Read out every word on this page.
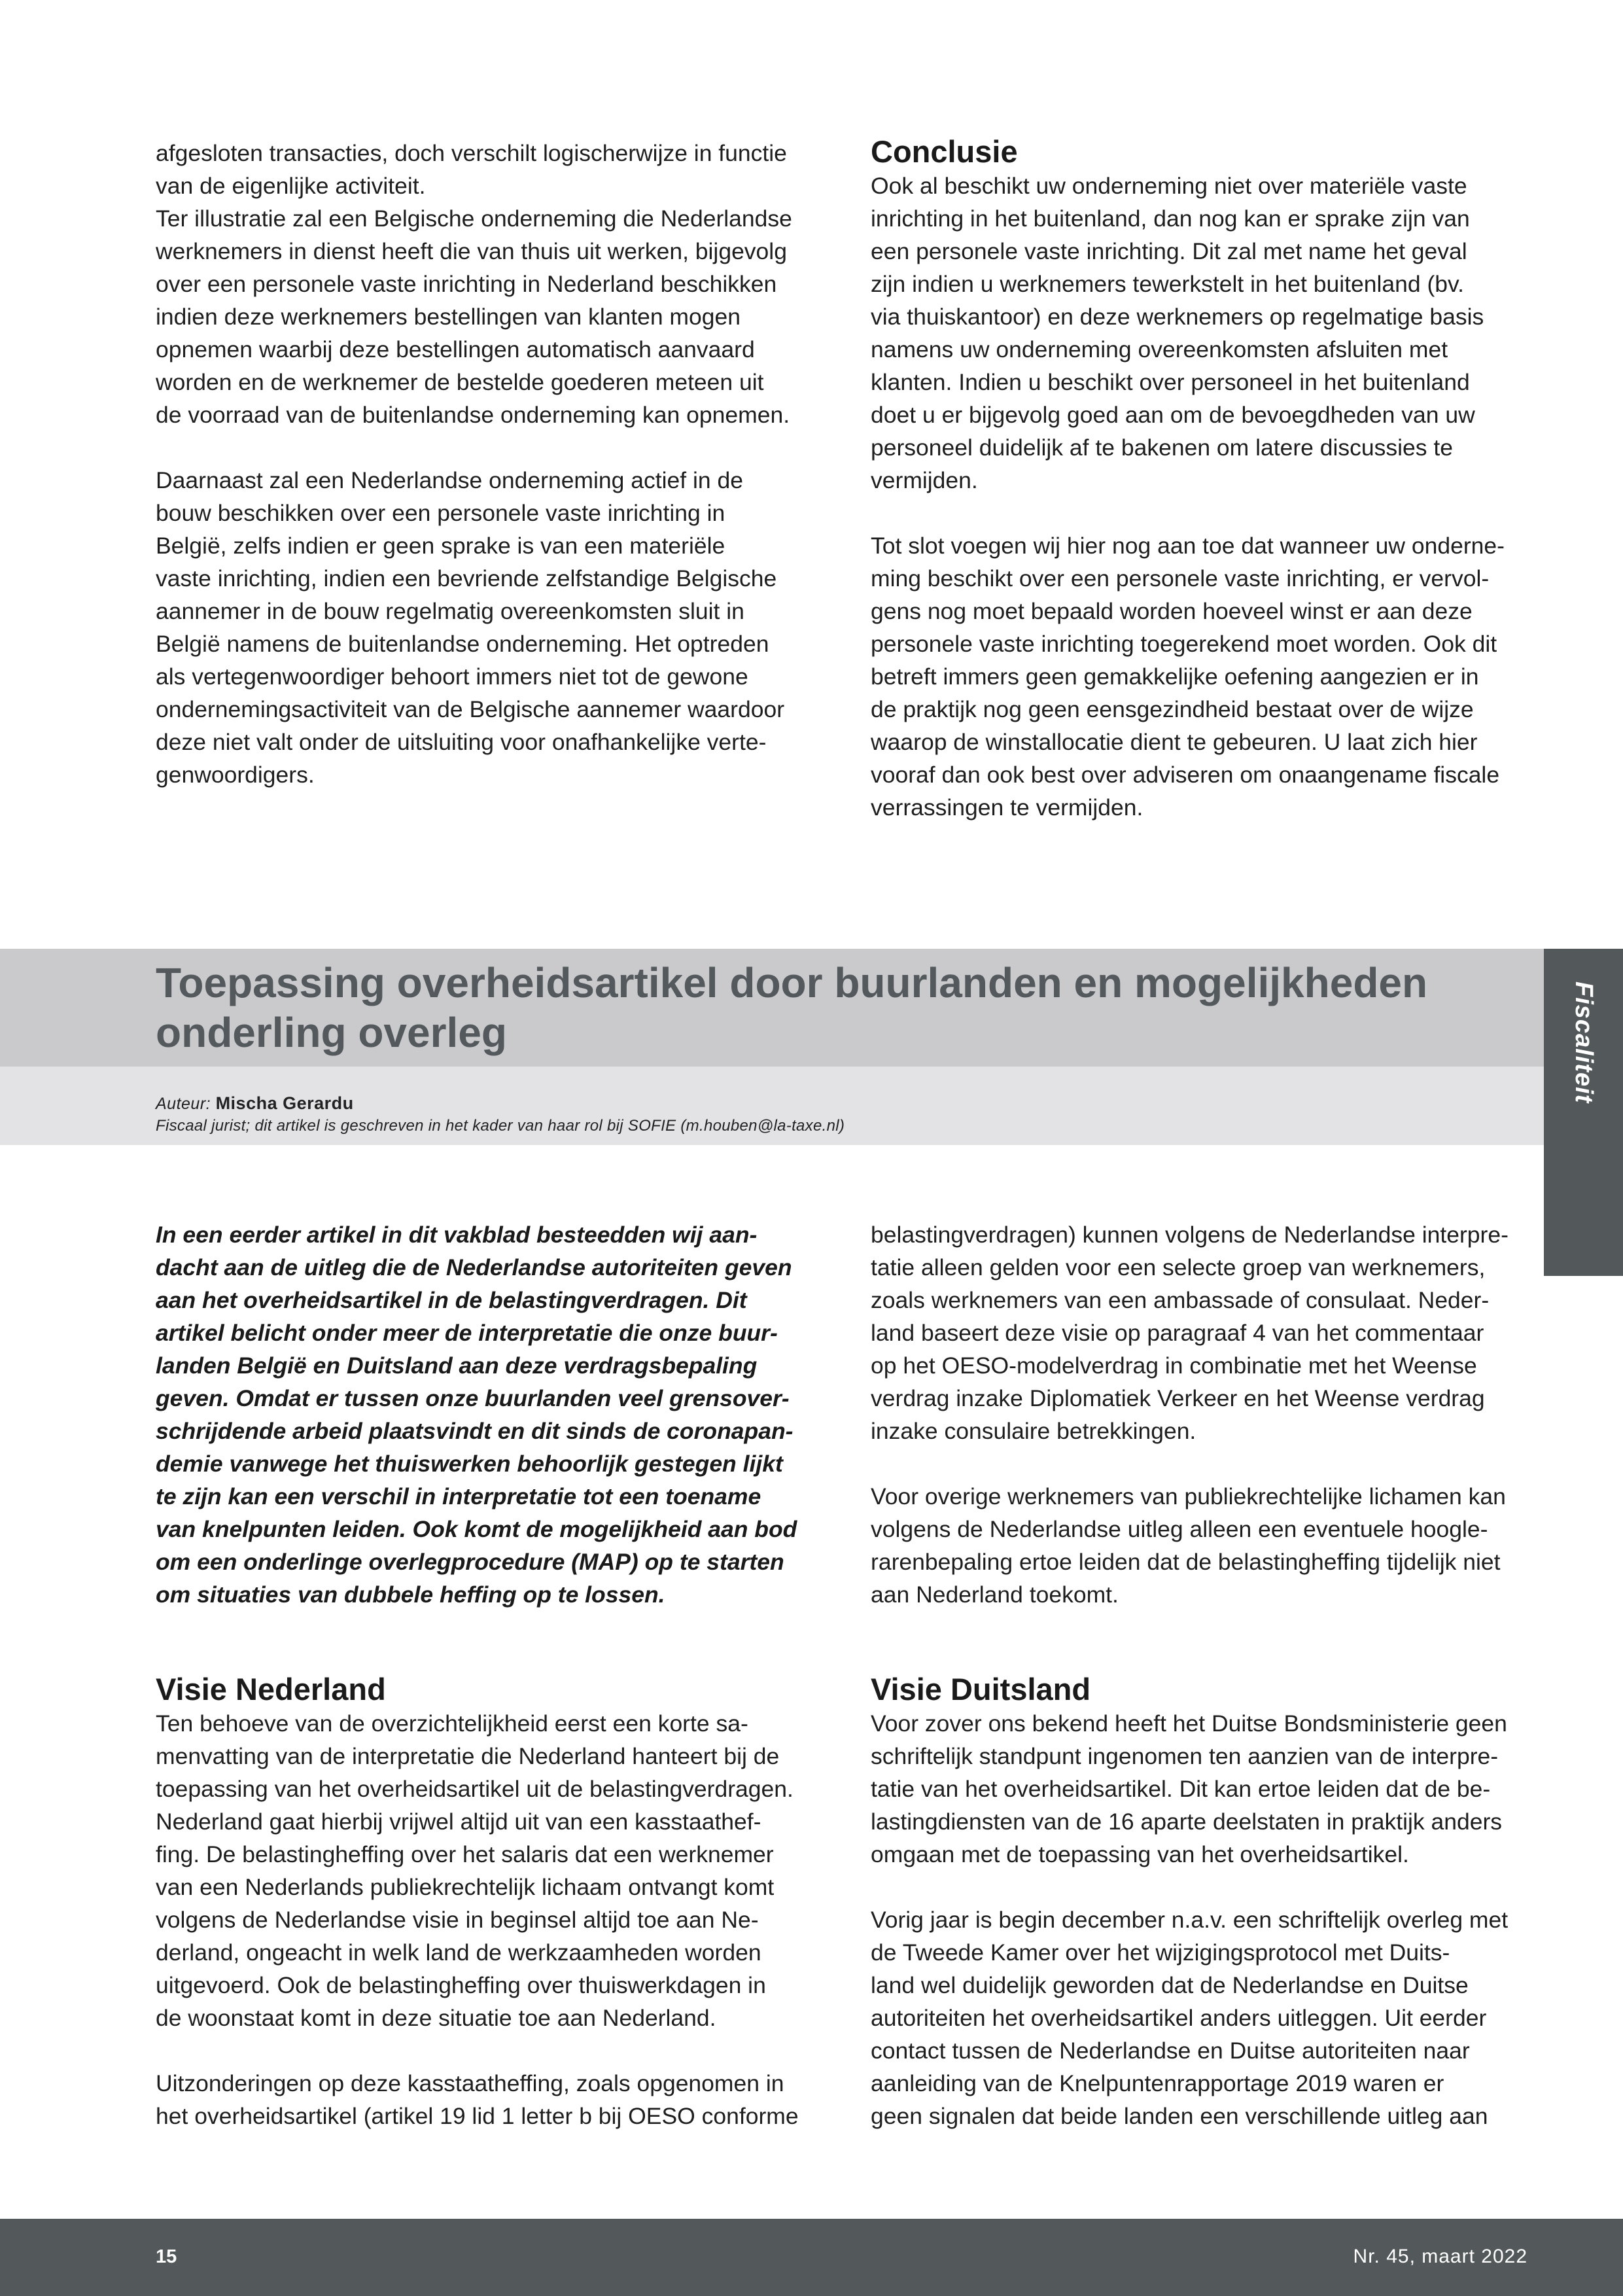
afgesloten transacties, doch verschilt logischerwijze in functie
van de eigenlijke activiteit.
Ter illustratie zal een Belgische onderneming die Nederlandse
werknemers in dienst heeft die van thuis uit werken, bijgevolg
over een personele vaste inrichting in Nederland beschikken
indien deze werknemers bestellingen van klanten mogen
opnemen waarbij deze bestellingen automatisch aanvaard
worden en de werknemer de bestelde goederen meteen uit
de voorraad van de buitenlandse onderneming kan opnemen.

Daarnaast zal een Nederlandse onderneming actief in de
bouw beschikken over een personele vaste inrichting in
België, zelfs indien er geen sprake is van een materiële
vaste inrichting, indien een bevriende zelfstandige Belgische
aannemer in de bouw regelmatig overeenkomsten sluit in
België namens de buitenlandse onderneming. Het optreden
als vertegenwoordiger behoort immers niet tot de gewone
ondernemingsactiviteit van de Belgische aannemer waardoor
deze niet valt onder de uitsluiting voor onafhankelijke verte-
genwoordigers.

Conclusie

Ook al beschikt uw onderneming niet over materiële vaste
inrichting in het buitenland, dan nog kan er sprake zijn van
een personele vaste inrichting. Dit zal met name het geval
zijn indien u werknemers tewerkstelt in het buitenland (bv.
via thuiskantoor) en deze werknemers op regelmatige basis
namens uw onderneming overeenkomsten afsluiten met
klanten. Indien u beschikt over personeel in het buitenland
doet u er bijgevolg goed aan om de bevoegdheden van uw
personeel duidelijk af te bakenen om latere discussies te
vermijden.

Tot slot voegen wij hier nog aan toe dat wanneer uw onderne-
ming beschikt over een personele vaste inrichting, er vervol-
gens nog moet bepaald worden hoeveel winst er aan deze
personele vaste inrichting toegerekend moet worden. Ook dit
betreft immers geen gemakkelijke oefening aangezien er in
de praktijk nog geen eensgezindheid bestaat over de wijze
waarop de winstallocatie dient te gebeuren. U laat zich hier
vooraf dan ook best over adviseren om onaangename fiscale
verrassingen te vermijden.

Toepassing overheidsartikel door buurlanden en mogelijkheden onderling overleg

Auteur: Mischa Gerardu

Fiscaal jurist; dit artikel is geschreven in het kader van haar rol bij SOFIE (m.houben@la-taxe.nl)

Fiscaliteit

In een eerder artikel in dit vakblad besteedden wij aan-
dacht aan de uitleg die de Nederlandse autoriteiten geven
aan het overheidsartikel in de belastingverdragen. Dit
artikel belicht onder meer de interpretatie die onze buur-
landen België en Duitsland aan deze verdragsbepaling
geven. Omdat er tussen onze buurlanden veel grensover-
schrijdende arbeid plaatsvindt en dit sinds de coronapan-
demie vanwege het thuiswerken behoorlijk gestegen lijkt
te zijn kan een verschil in interpretatie tot een toename
van knelpunten leiden. Ook komt de mogelijkheid aan bod
om een onderlinge overlegprocedure (MAP) op te starten
om situaties van dubbele heffing op te lossen.

Visie Nederland

Ten behoeve van de overzichtelijkheid eerst een korte sa-
menvatting van de interpretatie die Nederland hanteert bij de
toepassing van het overheidsartikel uit de belastingverdragen.
Nederland gaat hierbij vrijwel altijd uit van een kasstaathef-
fing. De belastingheffing over het salaris dat een werknemer
van een Nederlands publiekrechtelijk lichaam ontvangt komt
volgens de Nederlandse visie in beginsel altijd toe aan Ne-
derland, ongeacht in welk land de werkzaamheden worden
uitgevoerd. Ook de belastingheffing over thuiswerkdagen in
de woonstaat komt in deze situatie toe aan Nederland.

Uitzonderingen op deze kasstaatheffing, zoals opgenomen in
het overheidsartikel (artikel 19 lid 1 letter b bij OESO conforme

belastingverdragen) kunnen volgens de Nederlandse interpre-
tatie alleen gelden voor een selecte groep van werknemers,
zoals werknemers van een ambassade of consulaat. Neder-
land baseert deze visie op paragraaf 4 van het commentaar
op het OESO-modelverdrag in combinatie met het Weense
verdrag inzake Diplomatiek Verkeer en het Weense verdrag
inzake consulaire betrekkingen.

Voor overige werknemers van publiekrechtelijke lichamen kan
volgens de Nederlandse uitleg alleen een eventuele hoogle-
rarenbepaling ertoe leiden dat de belastingheffing tijdelijk niet
aan Nederland toekomt.

Visie Duitsland

Voor zover ons bekend heeft het Duitse Bondsministerie geen
schriftelijk standpunt ingenomen ten aanzien van de interpre-
tatie van het overheidsartikel. Dit kan ertoe leiden dat de be-
lastingdiensten van de 16 aparte deelstaten in praktijk anders
omgaan met de toepassing van het overheidsartikel.

Vorig jaar is begin december n.a.v. een schriftelijk overleg met
de Tweede Kamer over het wijzigingsprotocol met Duits-
land wel duidelijk geworden dat de Nederlandse en Duitse
autoriteiten het overheidsartikel anders uitleggen. Uit eerder
contact tussen de Nederlandse en Duitse autoriteiten naar
aanleiding van de Knelpuntenrapportage 2019 waren er
geen signalen dat beide landen een verschillende uitleg aan

15	Nr. 45, maart 2022
